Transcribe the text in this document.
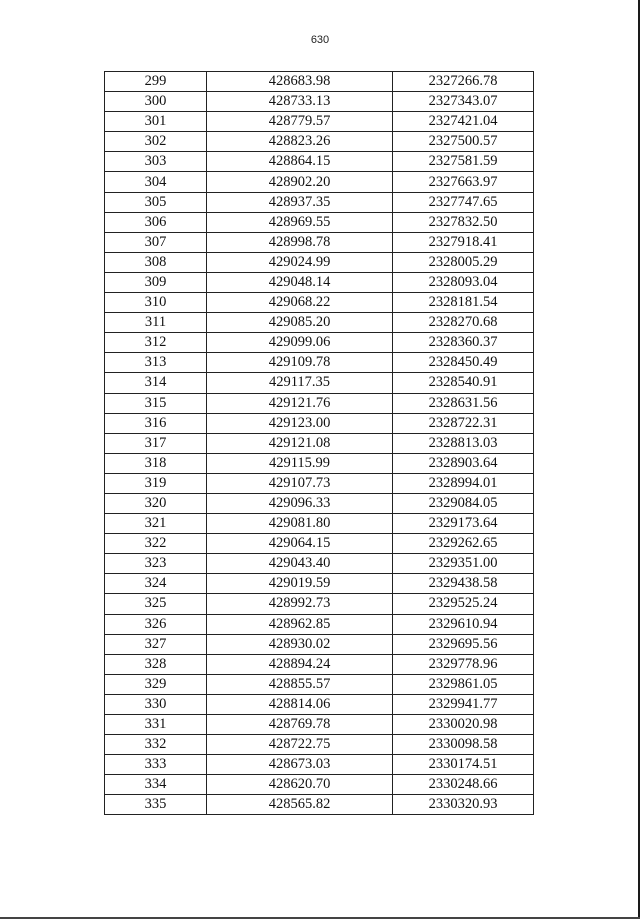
630
299	428683.98	2327266.78
300	428733.13	2327343.07
301	428779.57	2327421.04
302	428823.26	2327500.57
303	428864.15	2327581.59
304	428902.20	2327663.97
305	428937.35	2327747.65
306	428969.55	2327832.50
307	428998.78	2327918.41
308	429024.99	2328005.29
309	429048.14	2328093.04
310	429068.22	2328181.54
311	429085.20	2328270.68
312	429099.06	2328360.37
313	429109.78	2328450.49
314	429117.35	2328540.91
315	429121.76	2328631.56
316	429123.00	2328722.31
317	429121.08	2328813.03
318	429115.99	2328903.64
319	429107.73	2328994.01
320	429096.33	2329084.05
321	429081.80	2329173.64
322	429064.15	2329262.65
323	429043.40	2329351.00
324	429019.59	2329438.58
325	428992.73	2329525.24
326	428962.85	2329610.94
327	428930.02	2329695.56
328	428894.24	2329778.96
329	428855.57	2329861.05
330	428814.06	2329941.77
331	428769.78	2330020.98
332	428722.75	2330098.58
333	428673.03	2330174.51
334	428620.70	2330248.66
335	428565.82	2330320.93
